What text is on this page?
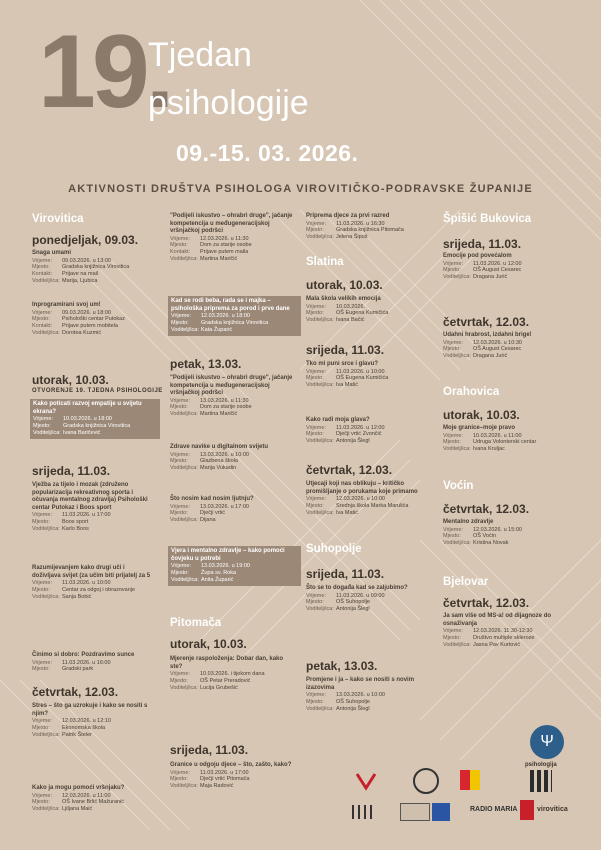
19.
Tjedan
psihologije
09.-15. 03. 2026.
AKTIVNOSTI DRUŠTVA PSIHOLOGA VIROVITIČKO-PODRAVSKE ŽUPANIJE
Virovitica
ponedjeljak, 09.03.
Snaga umami
Vrijeme:	09.03.2026. u 13:00
Mjesto:	Gradska knjižnica Virovitica
Kontakt:	Prijave na mail
Voditelj/ica: Marija, Ljubica
Inprogramirani svoj um!
Vrijeme:	09.03.2026. u 18:00
Mjesto:	Psihološki centar Putokaz
Kontakt:	Prijave putem mobitela
Voditelj/ica: Dorotea Kuzmić
utorak, 10.03.
OTVORENJE 19. TJEDNA PSIHOLOGIJE
Kako poticati razvoj empatije u svijetu ekrana?
Vrijeme:	10.03.2026. u 18:00
Mjesto:	Gradska knjižnica Virovitica
Voditelj/ica: Ivana Baričević
srijeda, 11.03.
Vježba za tijelo i mozak (združeno popularizacija rekreativnog sporta i očuvanja mentalnog zdravlja) Psihološki centar Putokaz i Boos sport
Vrijeme:	11.03.2026. u 17:00
Mjesto:	Boos sport
Voditelj/ica: Karlo Boos
Razumijevanjem kako drugi uči i doživljava svijet (za učim biti prijatelj za 5
Vrijeme:	11.03.2026. u 10:00
Mjesto:	Centar za odgoj i obrazovanje
Voditelj/ica: Sanja Bobić
Činimo si dobro: Pozdravimo sunce
Vrijeme:	11.03.2026. u 16:00
Mjesto:	Gradski park
četvrtak, 12.03.
Stres – što ga uzrokuje i kako se nositi s njim?
Vrijeme:	12.03.2026. u 12:10
Mjesto:	Ekonomska škola
Voditelj/ica: Patrik Šteler
Kako ja mogu pomoći vršnjaku?
Vrijeme:	12.03.2026. u 11:00
Mjesto:	OŠ Ivane Brlić Mažuranić
Voditelj/ica: Ljiljana Maić
"Podijeli iskustvo – ohrabri druge", jačanje kompetencija u međugeneracijskoj vršnjačkoj podršci
Vrijeme:	12.03.2026. u 11:30
Mjesto:	Dom za starije osobe
Kontakt:	Prijave putem maila
Voditelj/ica: Martina Maričić
Kad se rodi beba, rada se i majka – psihološka priprema za porod i prve dane
Vrijeme:	12.03.2026. u 18:00
Mjesto:	Gradska knjižnica Virovitica
Voditelj/ica: Kata Župarić
petak, 13.03.
"Podijeli iskustvo – ohrabri druge", jačanje kompetencija u međugeneracijskoj vršnjačkoj podršci
Vrijeme:	13.03.2026. u 11:30
Mjesto:	Dom za starije osobe
Voditelj/ica: Martina Maričić
Zdrave navike u digitalnom svijetu
Vrijeme:	13.03.2026. u 10:00
Mjesto:	Glazbena škola
Voditelj/ica: Marija Vukadin
Što nosim kad nosim ljutnju?
Vrijeme:	13.03.2026. u 17:00
Mjesto:	Dječji vrtić
Voditelj/ica: Dijana
Vjera i mentalno zdravlje – kako pomoći čovjeku u potrebi
Vrijeme:	13.03.2026. u 19:00
Mjesto:	Župa sv. Roka
Voditelj/ica: Anita Župarić
Pitomača
utorak, 10.03.
Mjerenje raspoloženja: Dobar dan, kako ste?
Vrijeme:	10.03.2026. i tijekom dana
Mjesto:	OŠ Petar Preradović
Voditelj/ica: Lucija Grubešić
srijeda, 11.03.
Granice u odgoju djece – što, zašto, kako?
Vrijeme:	11.03.2026. u 17:00
Mjesto:	Dječji vrtić Pitomača
Voditelj/ica: Maja Radović
Priprema djece za prvi razred
Vrijeme:	11.03.2026. u 16:30
Mjesto:	Gradska knjižnica Pitomača
Voditelj/ica: Jelena Šipuš
Slatina
utorak, 10.03.
Mala škola velikih emocija
Vrijeme:	10.03.2026.
Mjesto:	OŠ Eugena Kumičića
Voditelj/ica: Ivana Bačić
srijeda, 11.03.
Tko mi puni srce i glavu?
Vrijeme:	11.03.2026. u 10:00
Mjesto:	OŠ Eugena Kumičića
Voditelj/ica: Iva Matić
Kako radi moja glava?
Vrijeme:	11.03.2026. u 12:00
Mjesto:	Dječji vrtić Zvončić
Voditelj/ica: Antonija Šlegl
četvrtak, 12.03.
Utjecaji koji nas oblikuju – kritičko promišljanje o porukama koje primamo
Vrijeme:	12.03.2026. u 10:00
Mjesto:	Srednja škola Marka Marulića
Voditelj/ica: Iva Matić
Suhopolje
srijeda, 11.03.
Što se to događa kad se zaljubimo?
Vrijeme:	11.03.2026. u 09:00
Mjesto:	OŠ Suhopolje
Voditelj/ica: Antonija Šlegl
petak, 13.03.
Promjene i ja – kako se nositi s novim izazovima
Vrijeme:	13.03.2026. u 10:00
Mjesto:	OŠ Suhopolje
Voditelj/ica: Antonija Šlegl
Špišić Bukovica
srijeda, 11.03.
Emocije pod povećalom
Vrijeme:	11.03.2026. u 12:00
Mjesto:	OŠ August Cesarec
Voditelj/ica: Dragana Jurić
četvrtak, 12.03.
Udahni hrabrost, izdahni brige!
Vrijeme:	12.03.2026. u 10:30
Mjesto:	OŠ August Cesarec
Voditelj/ica: Dragana Jurić
Orahovica
utorak, 10.03.
Moje granice–moje pravo
Vrijeme:	10.03.2026. u 11:00
Mjesto:	Udruga Volonterski centar
Voditelj/ica: Ivana Kruljac
Voćin
četvrtak, 12.03.
Mentalno zdravlje
Vrijeme:	12.03.2026. u 15:00
Mjesto:	OŠ Voćin
Voditelj/ica: Kristina Novak
Bjelovar
četvrtak, 12.03.
Ja sam više od MS-a! od dijagnoze do osnaživanja
Vrijeme:	12.03.2026. 11:30-12:30
Mjesto:	Društvo multiple skleroze
Voditelj/ica: Jasna Pav Kurtović
Ψ
psihologija
RADIO MARIA	virovitica
